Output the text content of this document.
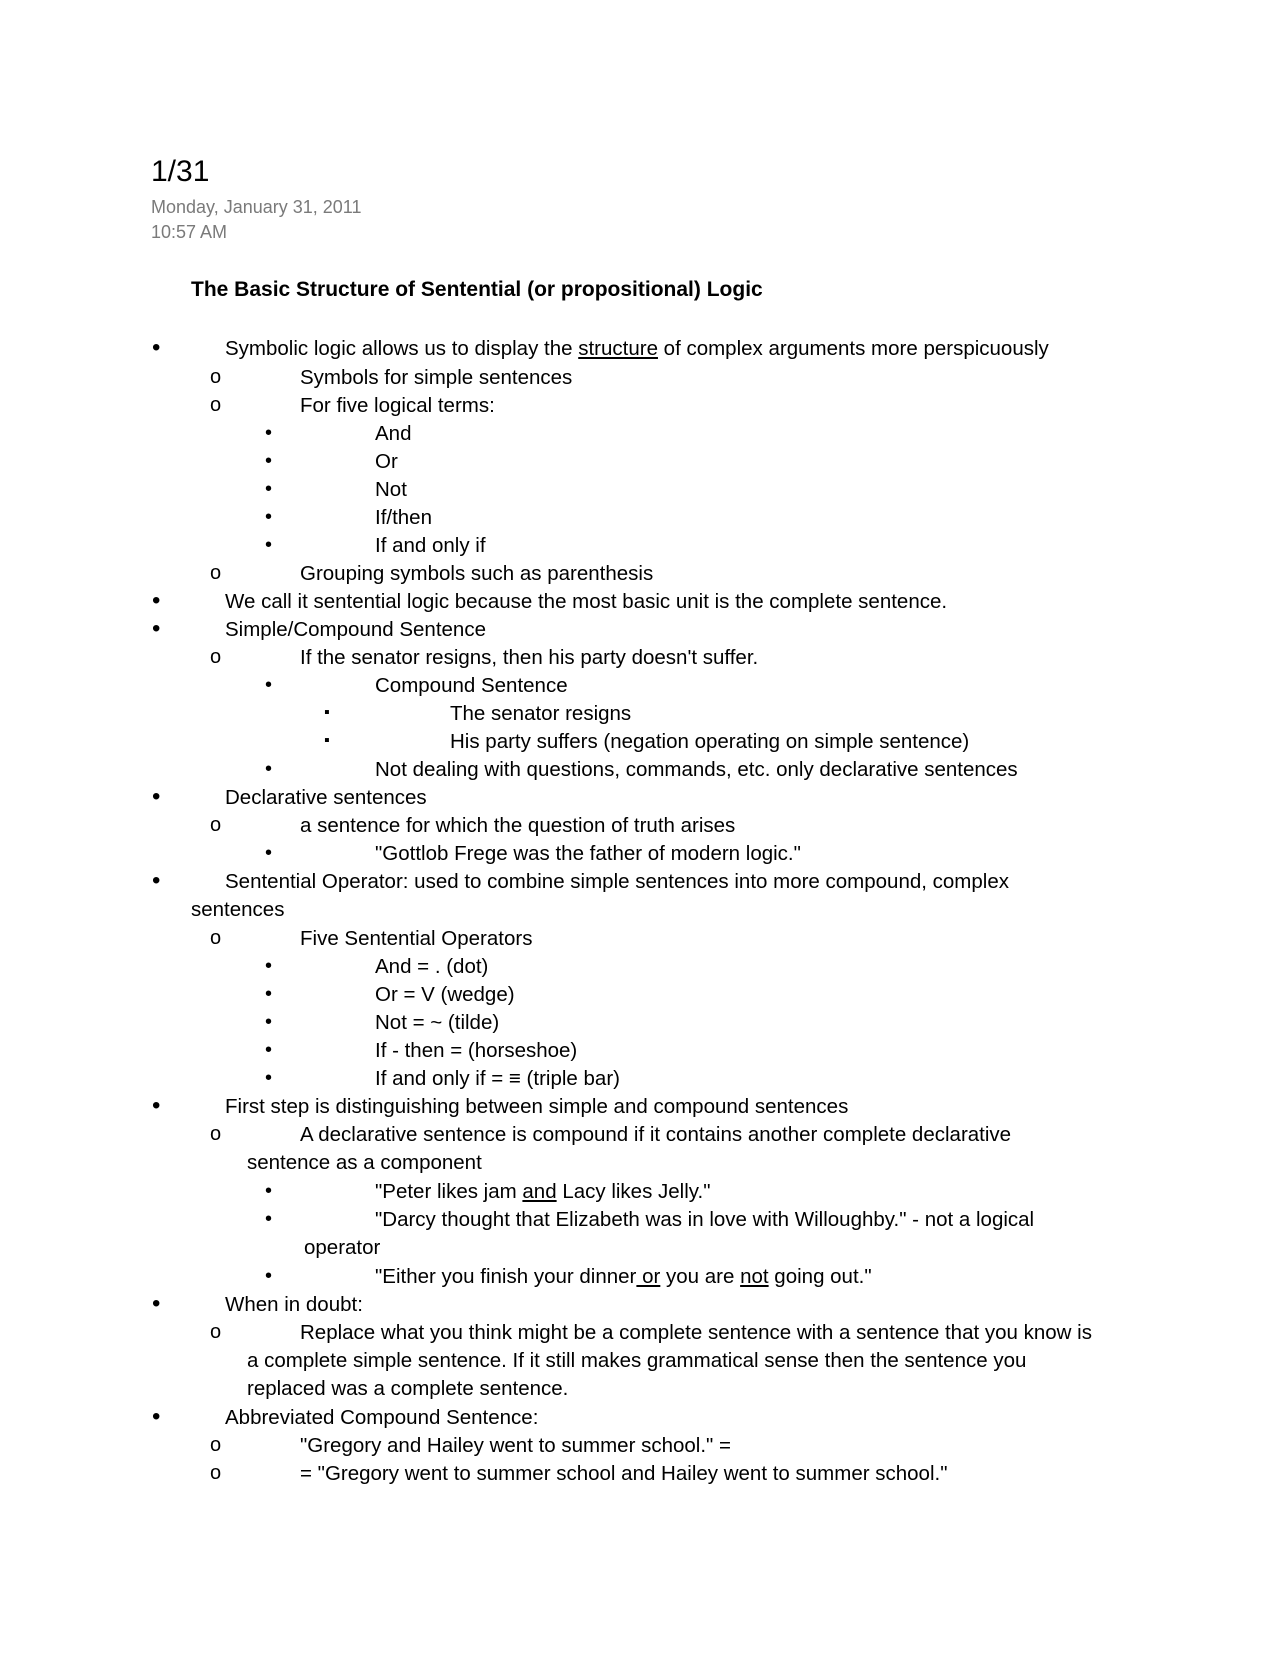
1/31
Monday, January 31, 2011
10:57 AM
The Basic Structure of Sentential (or propositional) Logic
•	Symbolic logic allows us to display the structure of complex arguments more perspicuously
o	Symbols for simple sentences
o	For five logical terms:
•	And
•	Or
•	Not
•	If/then
•	If and only if
o	Grouping symbols such as parenthesis
•	We call it sentential logic because the most basic unit is the complete sentence.
•	Simple/Compound Sentence
o	If the senator resigns, then his party doesn't suffer.
•	Compound Sentence
▪	The senator resigns
▪	His party suffers (negation operating on simple sentence)
•	Not dealing with questions, commands, etc. only declarative sentences
•	Declarative sentences
o	a sentence for which the question of truth arises
•	"Gottlob Frege was the father of modern logic."
•	Sentential Operator: used to combine simple sentences into more compound, complex
sentences
o	Five Sentential Operators
•	And = . (dot)
•	Or = V (wedge)
•	Not = ~ (tilde)
•	If - then = (horseshoe)
•	If and only if = ≡ (triple bar)
•	First step is distinguishing between simple and compound sentences
o	A declarative sentence is compound if it contains another complete declarative
sentence as a component
•	"Peter likes jam and Lacy likes Jelly."
•	"Darcy thought that Elizabeth was in love with Willoughby." - not a logical
operator
•	"Either you finish your dinner or you are not going out."
•	When in doubt:
o	Replace what you think might be a complete sentence with a sentence that you know is
a complete simple sentence. If it still makes grammatical sense then the sentence you
replaced was a complete sentence.
•	Abbreviated Compound Sentence:
o	"Gregory and Hailey went to summer school." =
o	= "Gregory went to summer school and Hailey went to summer school."
